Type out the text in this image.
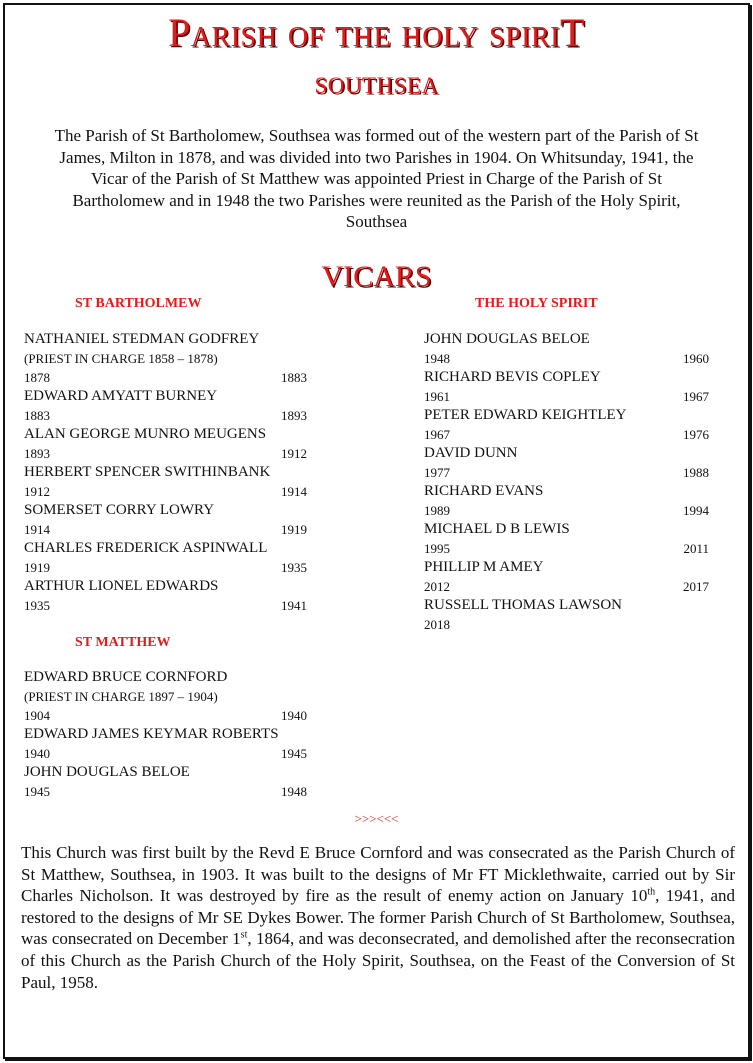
Parish of the holy spiriT
southsea
The Parish of St Bartholomew, Southsea was formed out of the western part of the Parish of St James, Milton in 1878, and was divided into two Parishes in 1904. On Whitsunday, 1941, the Vicar of the Parish of St Matthew was appointed Priest in Charge of the Parish of St Bartholomew and in 1948 the two Parishes were reunited as the Parish of the Holy Spirit, Southsea
VICARS
ST BARTHOLMEW
NATHANIEL STEDMAN GODFREY
(PRIEST IN CHARGE 1858 – 1878)
1878	1883
EDWARD AMYATT BURNEY
1883	1893
ALAN GEORGE MUNRO MEUGENS
1893	1912
HERBERT SPENCER SWITHINBANK
1912	1914
SOMERSET CORRY LOWRY
1914	1919
CHARLES FREDERICK ASPINWALL
1919	1935
ARTHUR LIONEL EDWARDS
1935	1941
ST MATTHEW
EDWARD BRUCE CORNFORD
(PRIEST IN CHARGE 1897 – 1904)
1904	1940
EDWARD JAMES KEYMAR ROBERTS
1940	1945
JOHN DOUGLAS BELOE
1945	1948
THE HOLY SPIRIT
JOHN DOUGLAS BELOE
1948	1960
RICHARD BEVIS COPLEY
1961	1967
PETER EDWARD KEIGHTLEY
1967	1976
DAVID DUNN
1977	1988
RICHARD EVANS
1989	1994
MICHAEL D B LEWIS
1995	2011
PHILLIP M AMEY
2012	2017
RUSSELL THOMAS LAWSON
2018
>>><<<
This Church was first built by the Revd E Bruce Cornford and was consecrated as the Parish Church of St Matthew, Southsea, in 1903. It was built to the designs of Mr FT Micklethwaite, carried out by Sir Charles Nicholson. It was destroyed by fire as the result of enemy action on January 10th, 1941, and restored to the designs of Mr SE Dykes Bower. The former Parish Church of St Bartholomew, Southsea, was consecrated on December 1st, 1864, and was deconsecrated, and demolished after the reconsecration of this Church as the Parish Church of the Holy Spirit, Southsea, on the Feast of the Conversion of St Paul, 1958.
